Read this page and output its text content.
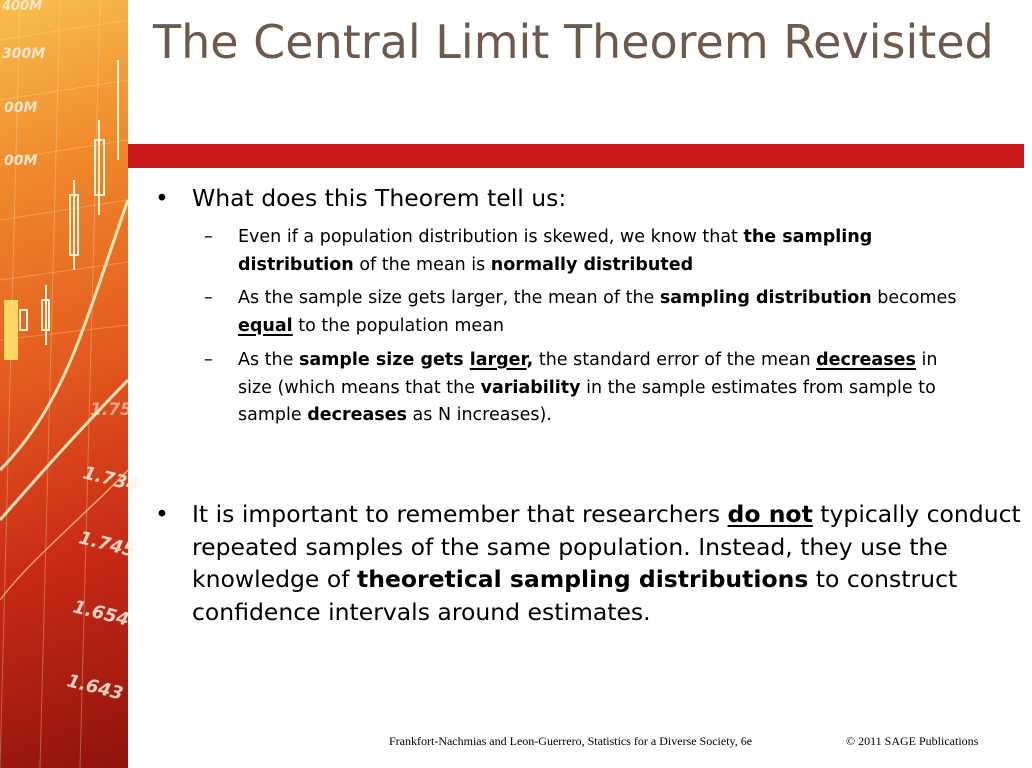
400M
300M
00M
00M
1.75
1.734
1.745
1.654
1.643
The Central Limit Theorem Revisited
• What does this Theorem tell us:
– Even if a population distribution is skewed, we know that the sampling distribution of the mean is normally distributed
– As the sample size gets larger, the mean of the sampling distribution becomes equal to the population mean
– As the sample size gets larger, the standard error of the mean decreases in size (which means that the variability in the sample estimates from sample to sample decreases as N increases).
• It is important to remember that researchers do not typically conduct repeated samples of the same population. Instead, they use the knowledge of theoretical sampling distributions to construct confidence intervals around estimates.
Frankfort-Nachmias and Leon-Guerrero, Statistics for a Diverse Society, 6e	© 2011 SAGE Publications
